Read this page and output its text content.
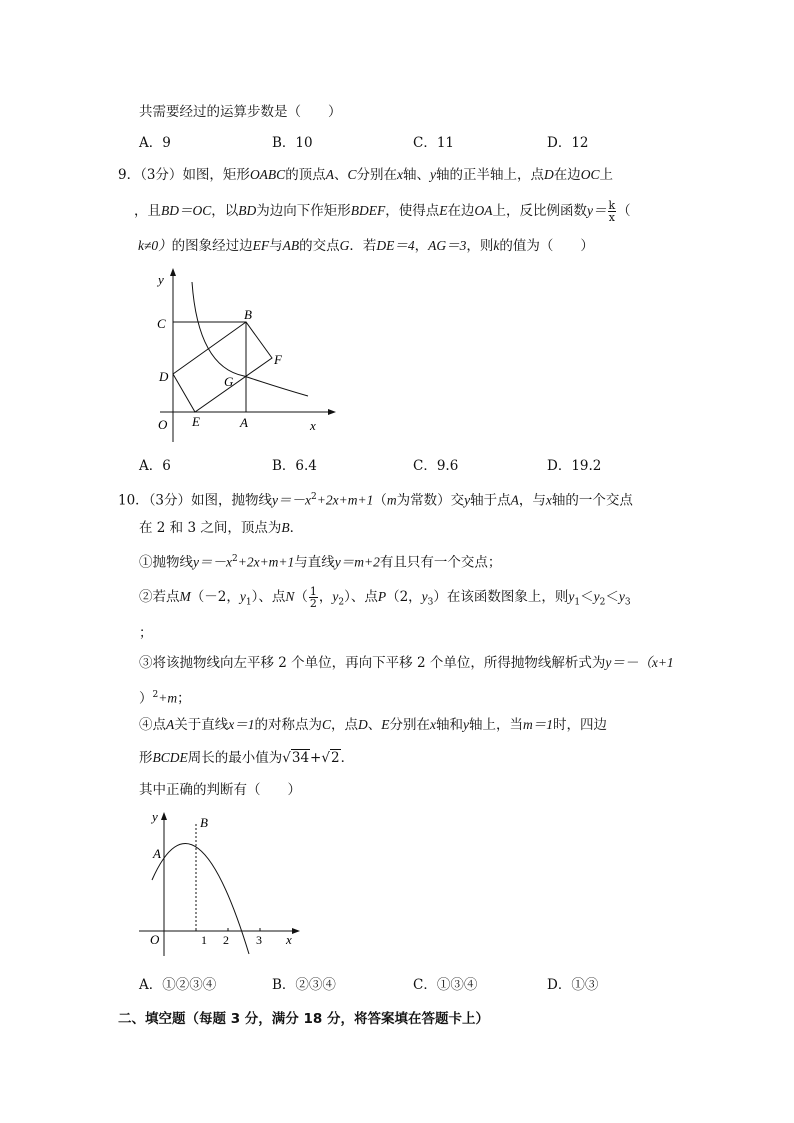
共需要经过的运算步数是（　　）
A．9	B．10	C．11	D．12
9．（3分）如图，矩形OABC的顶点A、C分别在x轴、y轴的正半轴上，点D在边OC上
，且BD＝OC，以BD为边向下作矩形BDEF，使得点E在边OA上，反比例函数$y= \frac{k}{x}$ （
k≠0）的图象经过边EF与AB的交点G．若DE＝4，AG＝3，则k的值为（　　）
y
C
B
F
D	G
O E	A	x
A．6	B．6.4	C．9.6	D．19.2
10．（3分）如图，抛物线$y=-x^2+2x+m+1(m$为常数）交y轴于点A，与x轴的一个交点
在 2 和 3 之间，顶点为B．
①抛物线$y=-x^2+2x+m+1$与直线y＝m+2有且只有一个交点；
②若点M（－2，$y_1$）、点$N( \frac{1}{2}$ ，$y_2$）、点P（2，$y_3$）在该函数图象上，则$y_1<y_2<y_3$
；
③将该抛物线向左平移 2 个单位，再向下平移 2 个单位，所得抛物线解析式为y＝－（x+1
）$^2$+m；
④点A关于直线x＝1的对称点为C，点D、E分别在x轴和y轴上，当m＝1时，四边
形BCDE周长的最小值为√34+√2．
其中正确的判断有（　　）
y	B
A
O	1 2 3 x
A．①②③④	B．②③④	C．①③④	D．①③
二、填空题（每题 3 分，满分 18 分，将答案填在答题卡上）
